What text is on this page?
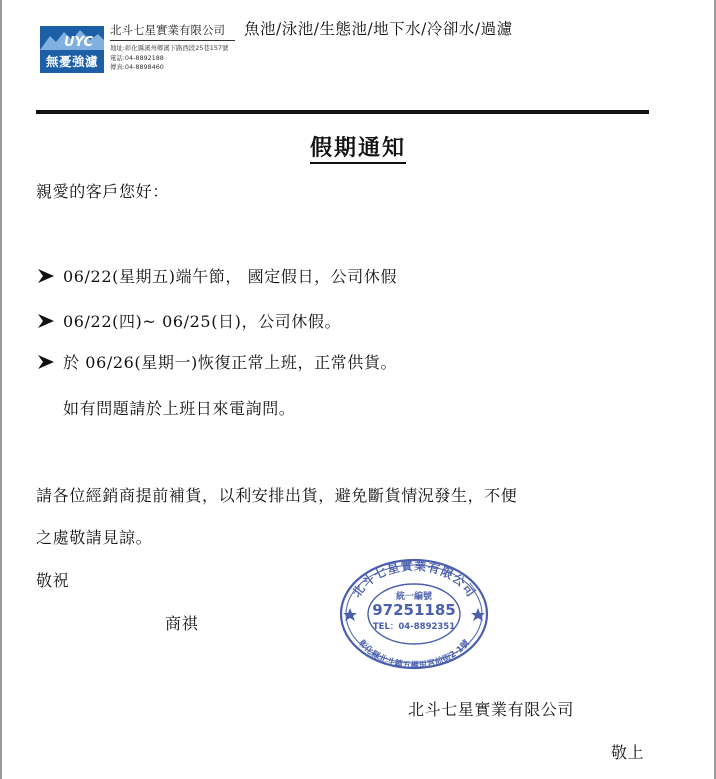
UYC
無憂強濾
北斗七星實業有限公司
地址:彰化縣溪州鄉溪下路西段25巷157號
電話:04-8892188
傳真:04-8898460
魚池/泳池/生態池/地下水/冷卻水/過濾
假期通知
親愛的客戶您好：
06/22(星期五)端午節， 國定假日，公司休假
06/22(四)~ 06/25(日)，公司休假。
於 06/26(星期一)恢復正常上班，正常供貨。
如有問題請於上班日來電詢問。
請各位經銷商提前補貨，以利安排出貨，避免斷貨情況發生，不便
之處敬請見諒。
敬祝
商祺
北斗七星實業有限公司
彰化縣北斗鎮五權里宮前街2-1號
統一編號
97251185
TEL：04-8892351
北斗七星實業有限公司
敬上
